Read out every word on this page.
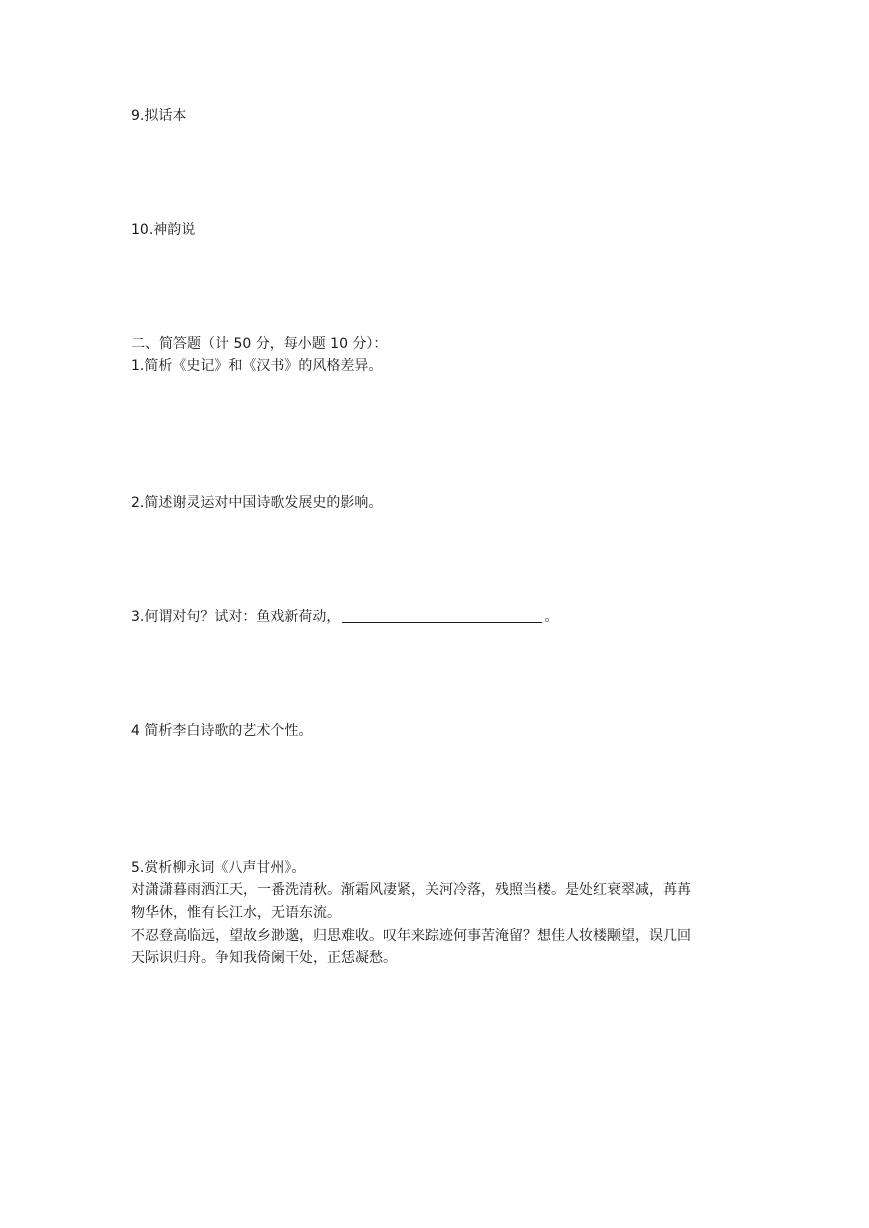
9.拟话本
10.神韵说
二、简答题（计 50 分，每小题 10 分）：
1.简析《史记》和《汉书》的风格差异。
2.简述谢灵运对中国诗歌发展史的影响。
3.何谓对句？试对：鱼戏新荷动，	。
4 简析李白诗歌的艺术个性。
5.赏析柳永词《八声甘州》。
对潇潇暮雨洒江天，一番洗清秋。渐霜风凄紧，关河冷落，残照当楼。是处红衰翠减，苒苒
物华休，惟有长江水，无语东流。
不忍登高临远，望故乡渺邈，归思难收。叹年来踪迹何事苦淹留？想佳人妆楼颙望，误几回
天际识归舟。争知我倚阑干处，正恁凝愁。
